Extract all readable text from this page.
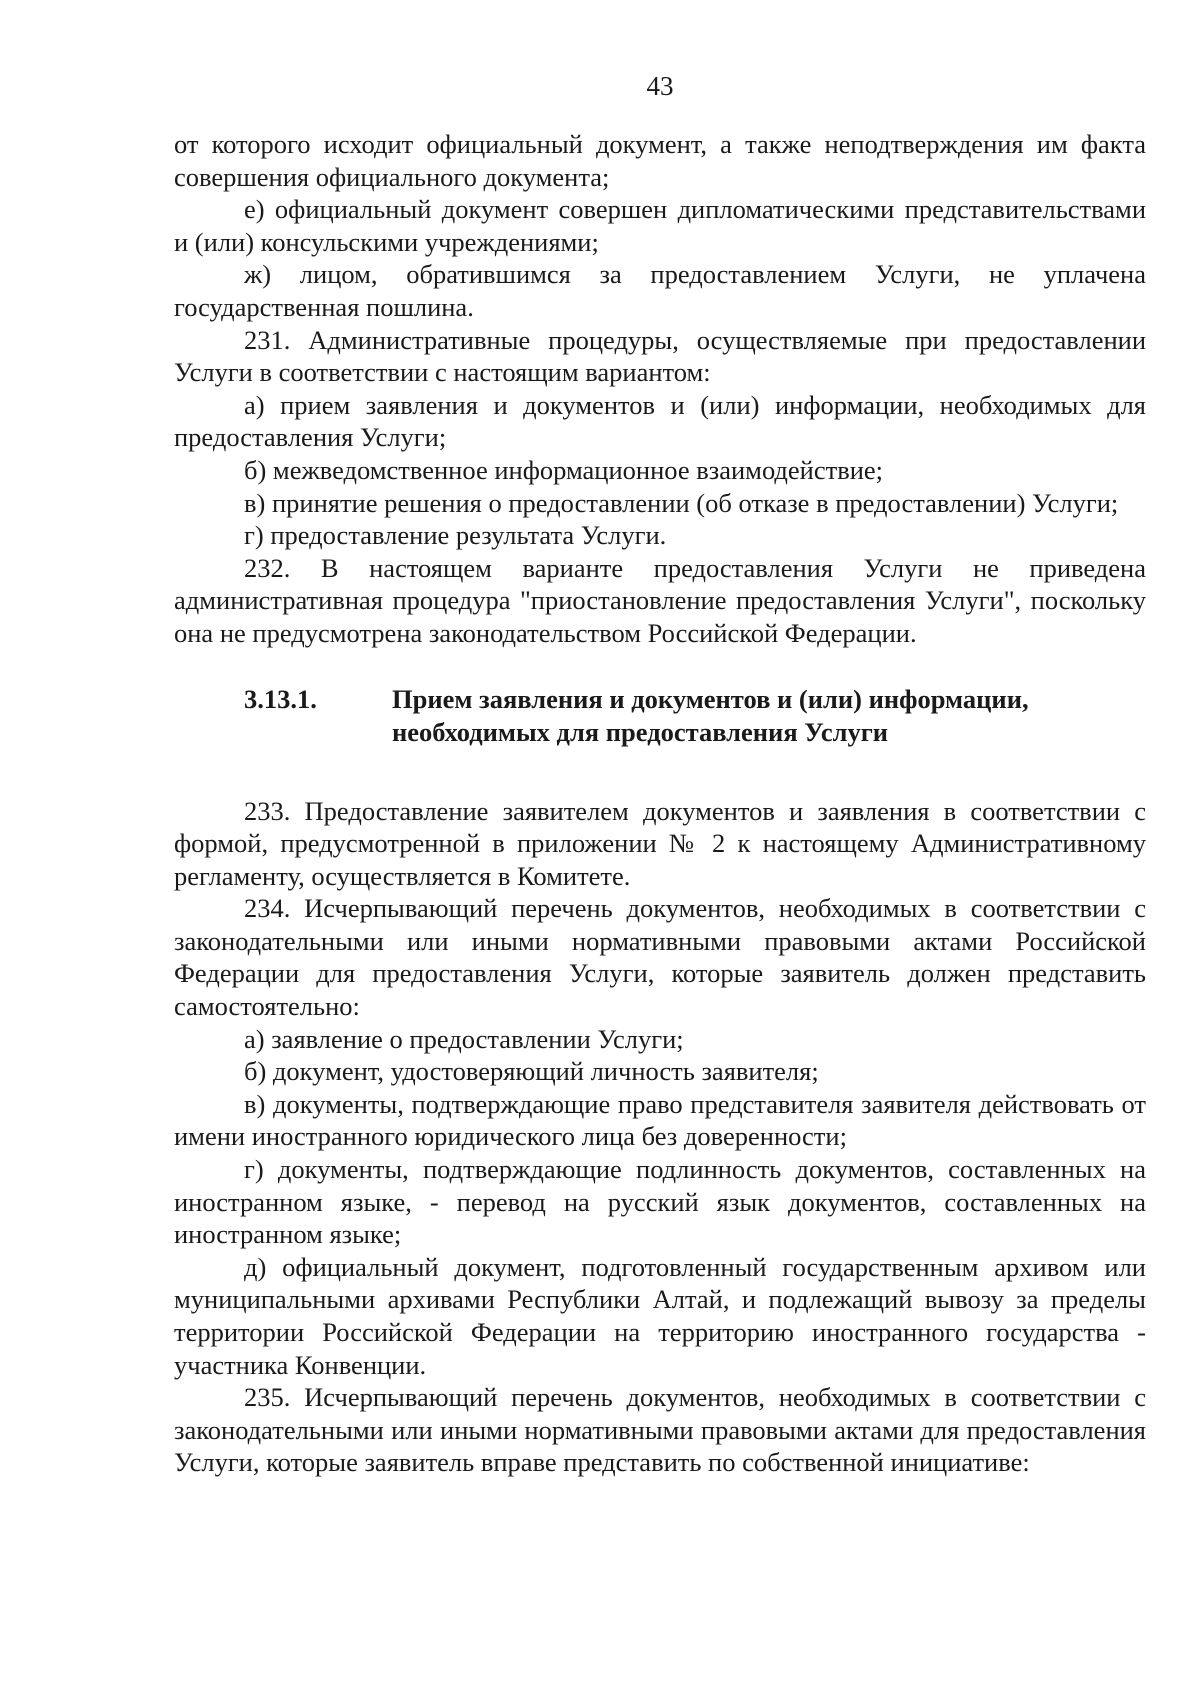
43

от которого исходит официальный документ, а также неподтверждения им факта совершения официального документа;

е) официальный документ совершен дипломатическими представительствами и (или) консульскими учреждениями;

ж) лицом, обратившимся за предоставлением Услуги, не уплачена государственная пошлина.

231. Административные процедуры, осуществляемые при предоставлении Услуги в соответствии с настоящим вариантом:

а) прием заявления и документов и (или) информации, необходимых для предоставления Услуги;

б) межведомственное информационное взаимодействие;

в) принятие решения о предоставлении (об отказе в предоставлении) Услуги;

г) предоставление результата Услуги.

232. В настоящем варианте предоставления Услуги не приведена административная процедура "приостановление предоставления Услуги", поскольку она не предусмотрена законодательством Российской Федерации.

3.13.1.	Прием заявления и документов и (или) информации,
необходимых для предоставления Услуги

233. Предоставление заявителем документов и заявления в соответствии с формой, предусмотренной в приложении № 2 к настоящему Административному регламенту, осуществляется в Комитете.

234. Исчерпывающий перечень документов, необходимых в соответствии с законодательными или иными нормативными правовыми актами Российской Федерации для предоставления Услуги, которые заявитель должен представить самостоятельно:

а) заявление о предоставлении Услуги;

б) документ, удостоверяющий личность заявителя;

в) документы, подтверждающие право представителя заявителя действовать от имени иностранного юридического лица без доверенности;

г) документы, подтверждающие подлинность документов, составленных на иностранном языке, - перевод на русский язык документов, составленных на иностранном языке;

д) официальный документ, подготовленный государственным архивом или муниципальными архивами Республики Алтай, и подлежащий вывозу за пределы территории Российской Федерации на территорию иностранного государства - участника Конвенции.

235. Исчерпывающий перечень документов, необходимых в соответствии с законодательными или иными нормативными правовыми актами для предоставления Услуги, которые заявитель вправе представить по собственной инициативе:
